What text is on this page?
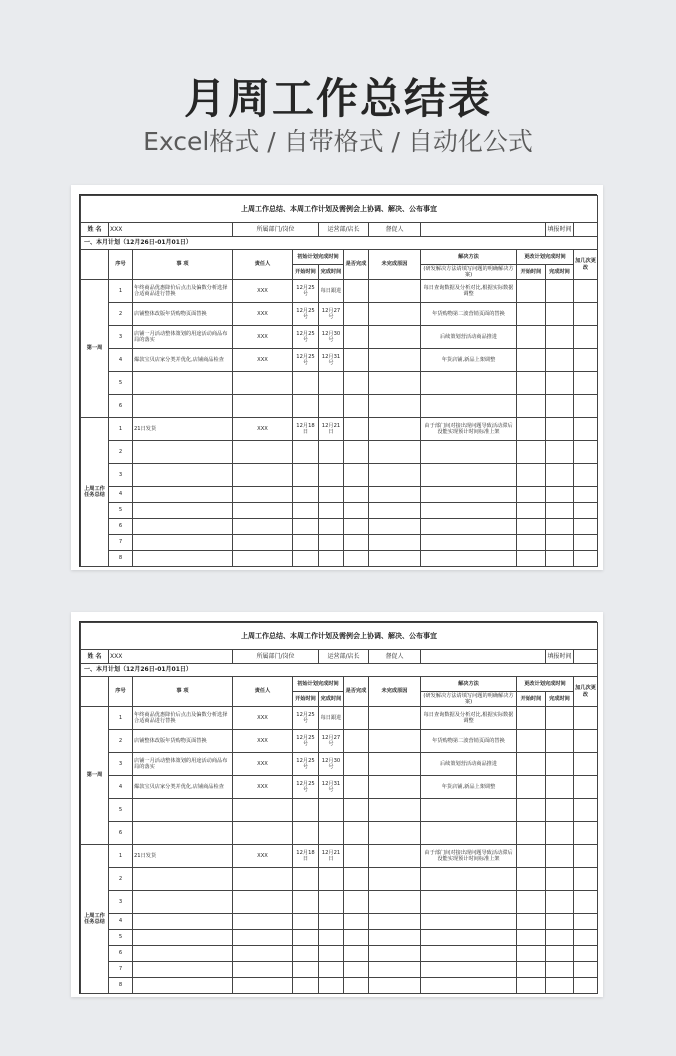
月周工作总结表
Excel格式 / 自带格式 / 自动化公式
上周工作总结、本周工作计划及需例会上协调、解决、公布事宜											
姓 名	XXX		所属部门/岗位		运营部/店长		督促人			填报时间	
一、本月计划（12月26日-01月01日）											
	序号	事 项	责任人	初始计划完成时间		是否完成	未完成原因	解决方法	更改计划完成时间		加几次更改
				开始时间	完成时间			(研发解决方法请填写问题的明确解决方案)	开始时间	完成时间	
第一周	1	年终商品优惠降价后点击及偏数分析选择合适商品进行替换	XXX	12月25号	每日跟进			每日查询数据及分析对比,根据实际数据调整			
	2	店铺整体改版年货购物页面替换	XXX	12月25号	12月27号			年货购物第二波营销页面的替换			
	3	店铺一月活动整体策划的用途活动商品布局的落实	XXX	12月25号	12月30号			后续策划营活动商品推进			
	4	爆款宝贝店家分类并优化,店铺商品检查	XXX	12月25号	12月31号			年货店铺,新品上架调整			
	5										
	6										
上周工作任务总结	1	21日发货	XXX	12月18日	12月21日			由于部门间对接出现问题导致活动滞后没能实现预计时间标准上架			
	2										
	3										
	4										
	5										
	6										
	7										
	8										
上周工作总结、本周工作计划及需例会上协调、解决、公布事宜											
姓 名	XXX		所属部门/岗位		运营部/店长		督促人			填报时间	
一、本月计划（12月26日-01月01日）											
	序号	事 项	责任人	初始计划完成时间		是否完成	未完成原因	解决方法	更改计划完成时间		加几次更改
				开始时间	完成时间			(研发解决方法请填写问题的明确解决方案)	开始时间	完成时间	
第一周	1	年终商品优惠降价后点击及偏数分析选择合适商品进行替换	XXX	12月25号	每日跟进			每日查询数据及分析对比,根据实际数据调整			
	2	店铺整体改版年货购物页面替换	XXX	12月25号	12月27号			年货购物第二波营销页面的替换			
	3	店铺一月活动整体策划的用途活动商品布局的落实	XXX	12月25号	12月30号			后续策划营活动商品推进			
	4	爆款宝贝店家分类并优化,店铺商品检查	XXX	12月25号	12月31号			年货店铺,新品上架调整			
	5										
	6										
上周工作任务总结	1	21日发货	XXX	12月18日	12月21日			由于部门间对接出现问题导致活动滞后没能实现预计时间标准上架			
	2										
	3										
	4										
	5										
	6										
	7										
	8										
